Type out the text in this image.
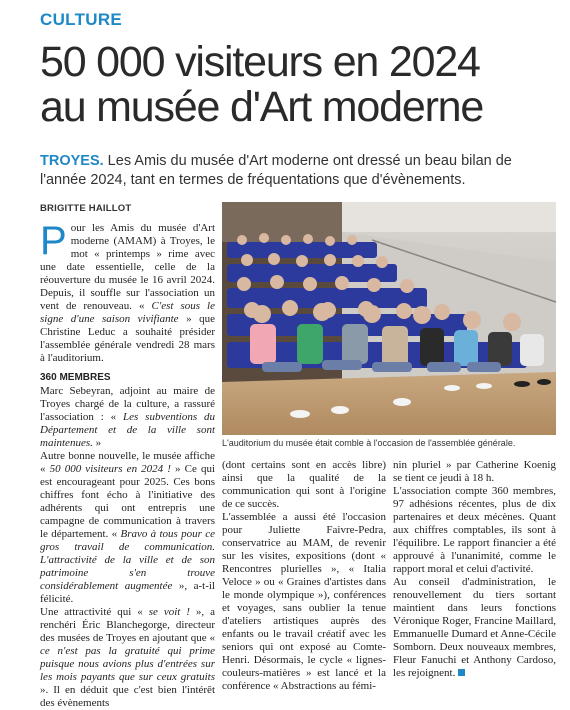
CULTURE
50 000 visiteurs en 2024
au musée d'Art moderne
TROYES. Les Amis du musée d'Art moderne ont dressé un beau bilan de l'année 2024, tant en termes de fréquentations que d'évènements.
BRIGITTE HAILLOT

Pour les Amis du musée d'Art moderne (AMAM) à Troyes, le mot « printemps » rime avec une date essentielle, celle de la réouverture du musée le 16 avril 2024. Depuis, il souffle sur l'association un vent de renouveau. « C'est sous le signe d'une saison vivifiante » que Christine Leduc a souhaité présider l'assemblée générale vendredi 28 mars à l'auditorium.

360 MEMBRES

Marc Sebeyran, adjoint au maire de Troyes chargé de la culture, a rassuré l'association : « Les subventions du Département et de la ville sont maintenues. »

Autre bonne nouvelle, le musée affiche « 50 000 visiteurs en 2024 ! » Ce qui est encourageant pour 2025. Ces bons chiffres font écho à l'initiative des adhérents qui ont entrepris une campagne de communication à travers le département. « Bravo à tous pour ce gros travail de communication. L'attractivité de la ville et de son patrimoine s'en trouve considérablement augmentée », a-t-il félicité.

Une attractivité qui « se voit ! », a renchéri Éric Blanchegorge, directeur des musées de Troyes en ajoutant que « ce n'est pas la gratuité qui prime puisque nous avions plus d'entrées sur les mois payants que sur ceux gratuits ». Il en déduit que c'est bien l'intérêt des évènements

L'auditorium du musée était comble à l'occasion de l'assemblée générale.

(dont certains sont en accès libre) ainsi que la qualité de la communication qui sont à l'origine de ce succès.

L'assemblée a aussi été l'occasion pour Juliette Faivre-Pedra, conservatrice au MAM, de revenir sur les visites, expositions (dont « Rencontres plurielles », « Italia Veloce » ou « Graines d'artistes dans le monde olympique »), conférences et voyages, sans oublier la tenue d'ateliers artistiques auprès des enfants ou le travail créatif avec les seniors qui ont exposé au Comte-Henri. Désormais, le cycle « lignes-couleurs-matières » est lancé et la conférence « Abstractions au fémi-

nin pluriel » par Catherine Koenig se tient ce jeudi à 18 h.

L'association compte 360 membres, 97 adhésions récentes, plus de dix partenaires et deux mécènes. Quant aux chiffres comptables, ils sont à l'équilibre. Le rapport financier a été approuvé à l'unanimité, comme le rapport moral et celui d'activité.

Au conseil d'administration, le renouvellement du tiers sortant maintient dans leurs fonctions Véronique Roger, Francine Maillard, Emmanuelle Dumard et Anne-Cécile Somborn. Deux nouveaux membres, Fleur Fanuchi et Anthony Cardoso, les rejoignent.
